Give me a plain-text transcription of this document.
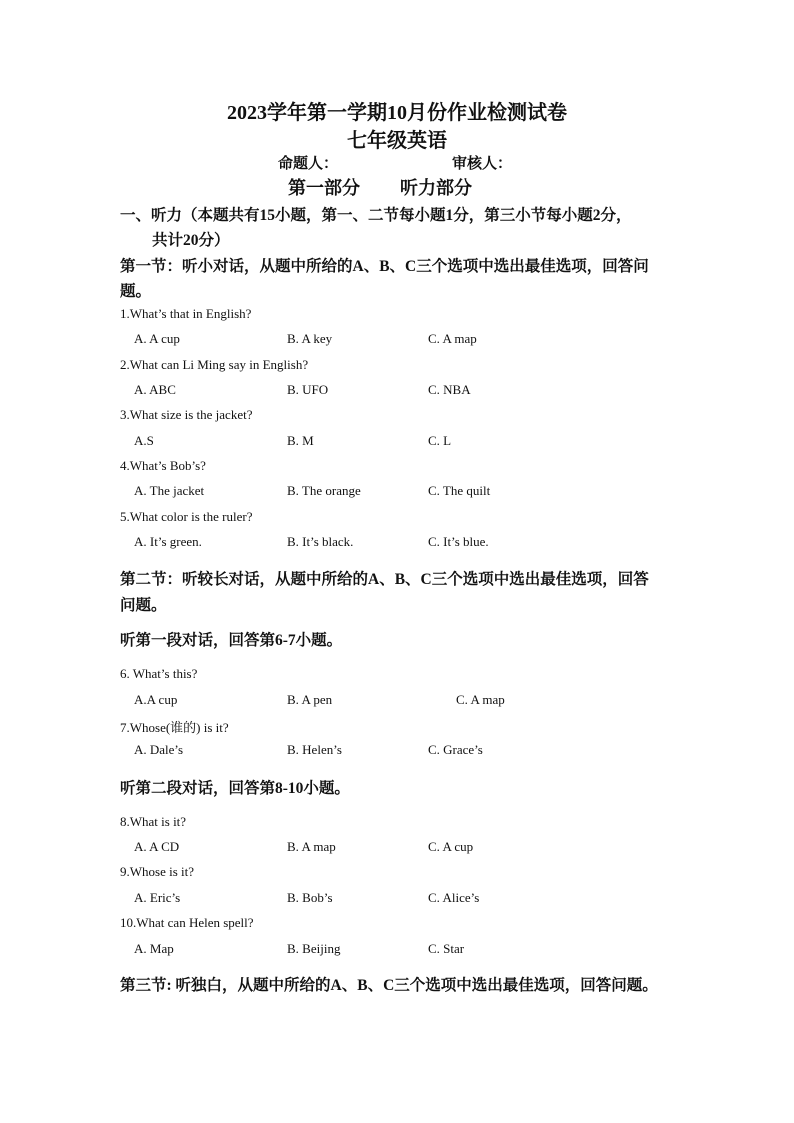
2023学年第一学期10月份作业检测试卷
七年级英语
命题人：	审核人：
第一部分 听力部分
一、听力（本题共有15小题，第一、二节每小题1分，第三小节每小题2分，
共计20分）
第一节：听小对话，从题中所给的A、B、C三个选项中选出最佳选项，回答问
题。
1.What’s that in English?
A. A cup	B. A key	C. A map
2.What can Li Ming say in English?
A. ABC	B. UFO	C. NBA
3.What size is the jacket?
A.S	B. M	C. L
4.What’s Bob’s?
A. The jacket	B. The orange	C. The quilt
5.What color is the ruler?
A. It’s green.	B. It’s black.	C. It’s blue.
第二节：听较长对话，从题中所给的A、B、C三个选项中选出最佳选项，回答
问题。
听第一段对话，回答第6-7小题。
6. What’s this?
A.A cup	B. A pen	C. A map
7.Whose(谁的) is it?
A. Dale’s	B. Helen’s	C. Grace’s
听第二段对话，回答第8-10小题。
8.What is it?
A. A CD	B. A map	C. A cup
9.Whose is it?
A. Eric’s	B. Bob’s	C. Alice’s
10.What can Helen spell?
A. Map	B. Beijing	C. Star
第三节: 听独白，从题中所给的A、B、C三个选项中选出最佳选项，回答问题。
